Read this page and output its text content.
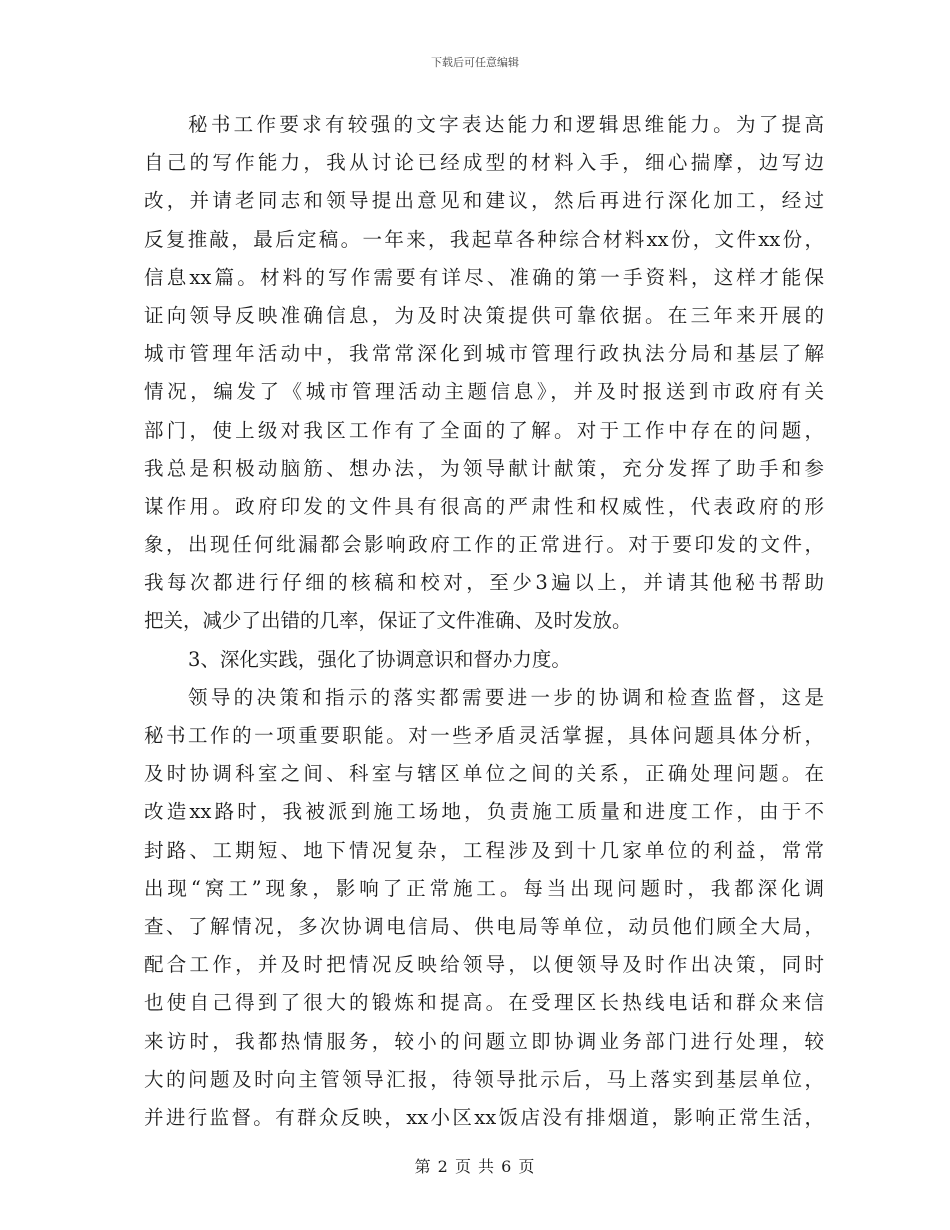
下载后可任意编辑
秘书工作要求有较强的文字表达能力和逻辑思维能力。为了提高
自己的写作能力，我从讨论已经成型的材料入手，细心揣摩，边写边
改，并请老同志和领导提出意见和建议，然后再进行深化加工，经过
反复推敲，最后定稿。一年来，我起草各种综合材料xx份，文件xx份，
信息xx篇。材料的写作需要有详尽、准确的第一手资料，这样才能保
证向领导反映准确信息，为及时决策提供可靠依据。在三年来开展的
城市管理年活动中，我常常深化到城市管理行政执法分局和基层了解
情况，编发了《城市管理活动主题信息》，并及时报送到市政府有关
部门，使上级对我区工作有了全面的了解。对于工作中存在的问题，
我总是积极动脑筋、想办法，为领导献计献策，充分发挥了助手和参
谋作用。政府印发的文件具有很高的严肃性和权威性，代表政府的形
象，出现任何纰漏都会影响政府工作的正常进行。对于要印发的文件，
我每次都进行仔细的核稿和校对，至少3遍以上，并请其他秘书帮助
把关，减少了出错的几率，保证了文件准确、及时发放。
3、深化实践，强化了协调意识和督办力度。
领导的决策和指示的落实都需要进一步的协调和检查监督，这是
秘书工作的一项重要职能。对一些矛盾灵活掌握，具体问题具体分析，
及时协调科室之间、科室与辖区单位之间的关系，正确处理问题。在
改造xx路时，我被派到施工场地，负责施工质量和进度工作，由于不
封路、工期短、地下情况复杂，工程涉及到十几家单位的利益，常常
出现“窝工”现象，影响了正常施工。每当出现问题时，我都深化调
查、了解情况，多次协调电信局、供电局等单位，动员他们顾全大局，
配合工作，并及时把情况反映给领导，以便领导及时作出决策，同时
也使自己得到了很大的锻炼和提高。在受理区长热线电话和群众来信
来访时，我都热情服务，较小的问题立即协调业务部门进行处理，较
大的问题及时向主管领导汇报，待领导批示后，马上落实到基层单位，
并进行监督。有群众反映，xx小区xx饭店没有排烟道，影响正常生活，
第 2 页 共 6 页
